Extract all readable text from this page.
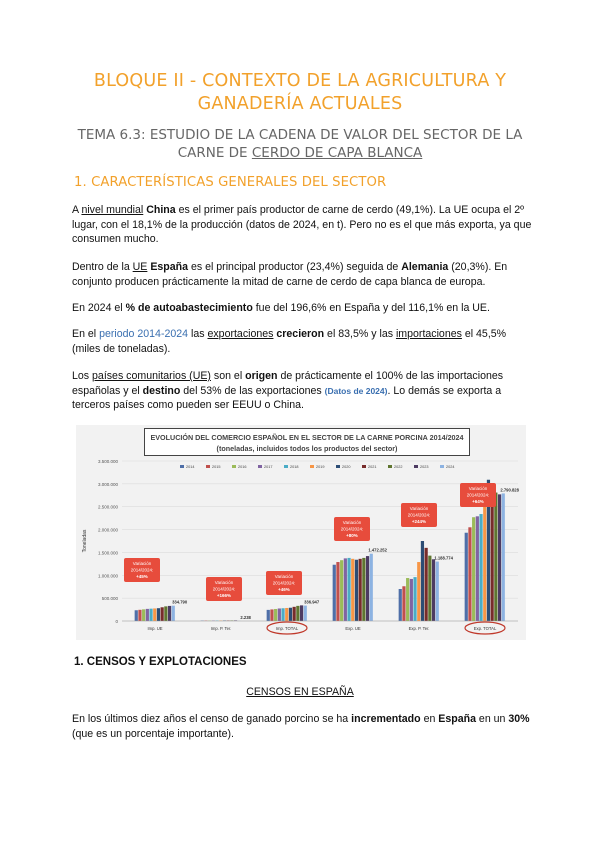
BLOQUE II - CONTEXTO DE LA AGRICULTURA Y
GANADERÍA ACTUALES
TEMA 6.3: ESTUDIO DE LA CADENA DE VALOR DEL SECTOR DE LA
CARNE DE CERDO DE CAPA BLANCA
1. CARACTERÍSTICAS GENERALES DEL SECTOR
A nivel mundial China es el primer país productor de carne de cerdo (49,1%). La UE ocupa el 2º lugar, con el 18,1% de la producción (datos de 2024, en t). Pero no es el que más exporta, ya que consumen mucho.
Dentro de la UE España es el principal productor (23,4%) seguida de Alemania (20,3%). En conjunto producen prácticamente la mitad de carne de cerdo de capa blanca de europa.
En 2024 el % de autoabastecimiento fue del 196,6% en España y del 116,1% en la UE.
En el periodo 2014-2024 las exportaciones crecieron el 83,5% y las importaciones el 45,5% (miles de toneladas).
Los países comunitarios (UE) son el origen de prácticamente el 100% de las importaciones españolas y el destino del 53% de las exportaciones (Datos de 2024). Lo demás se exporta a terceros países como pueden ser EEUU o China.
EVOLUCIÓN DEL COMERCIO ESPAÑOL EN EL SECTOR DE LA CARNE PORCINA 2014/2024
(toneladas, incluidos todos los productos del sector)
3.500.000
3.000.000
2.500.000
2.000.000
1.500.000
1.000.000
500.000
0
Toneladas
2014	2015	2016	2017	2018	2019	2020	2021	2022	2023	2024
Imp. UE	Imp. P. Ter.	Imp. TOTAL	Exp. UE	Exp. P. Ter.	Exp. TOTAL
334.790
2.238
336.947
1.472.252
1.188.774
2.790.828
Variación
2014/2024:
+45%
Variación
2014/2024:
+166%
Variación
2014/2024:
+46%
Variación
2014/2024:
+80%
Variación
2014/2024:
+244%
Variación
2014/2024:
+64%
1. CENSOS Y EXPLOTACIONES
CENSOS EN ESPAÑA
En los últimos diez años el censo de ganado porcino se ha incrementado en España en un 30% (que es un porcentaje importante).
